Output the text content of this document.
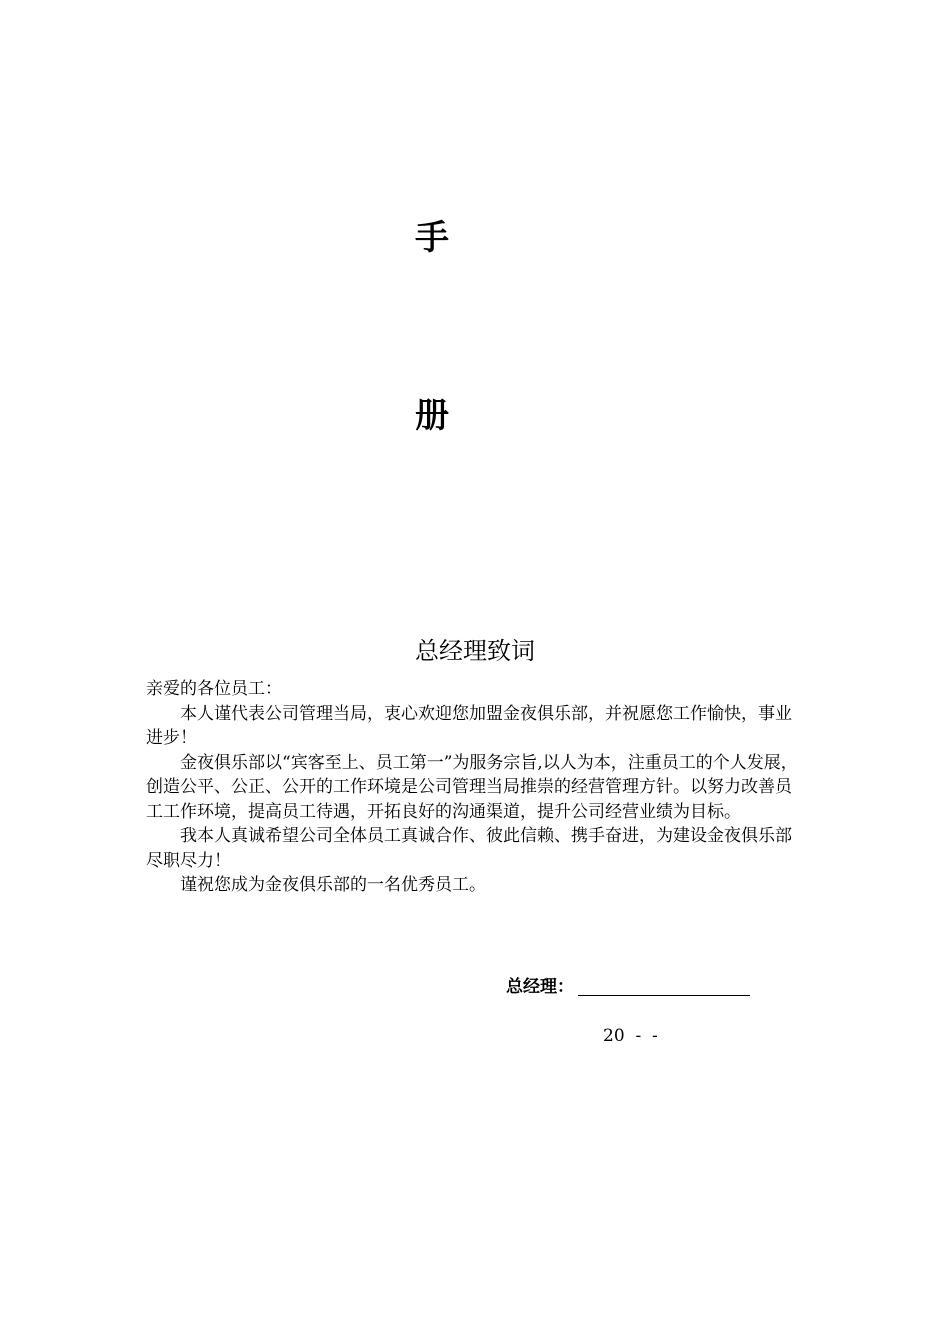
手
册
总经理致词

亲爱的各位员工：

本人谨代表公司管理当局，衷心欢迎您加盟金夜俱乐部，并祝愿您工作愉快，事业进步！

金夜俱乐部以“宾客至上、员工第一”为服务宗旨,以人为本，注重员工的个人发展，创造公平、公正、公开的工作环境是公司管理当局推崇的经营管理方针。以努力改善员工工作环境，提高员工待遇，开拓良好的沟通渠道，提升公司经营业绩为目标。

我本人真诚希望公司全体员工真诚合作、彼此信赖、携手奋进，为建设金夜俱乐部尽职尽力！

谨祝您成为金夜俱乐部的一名优秀员工。

总经理：
20  -  -
